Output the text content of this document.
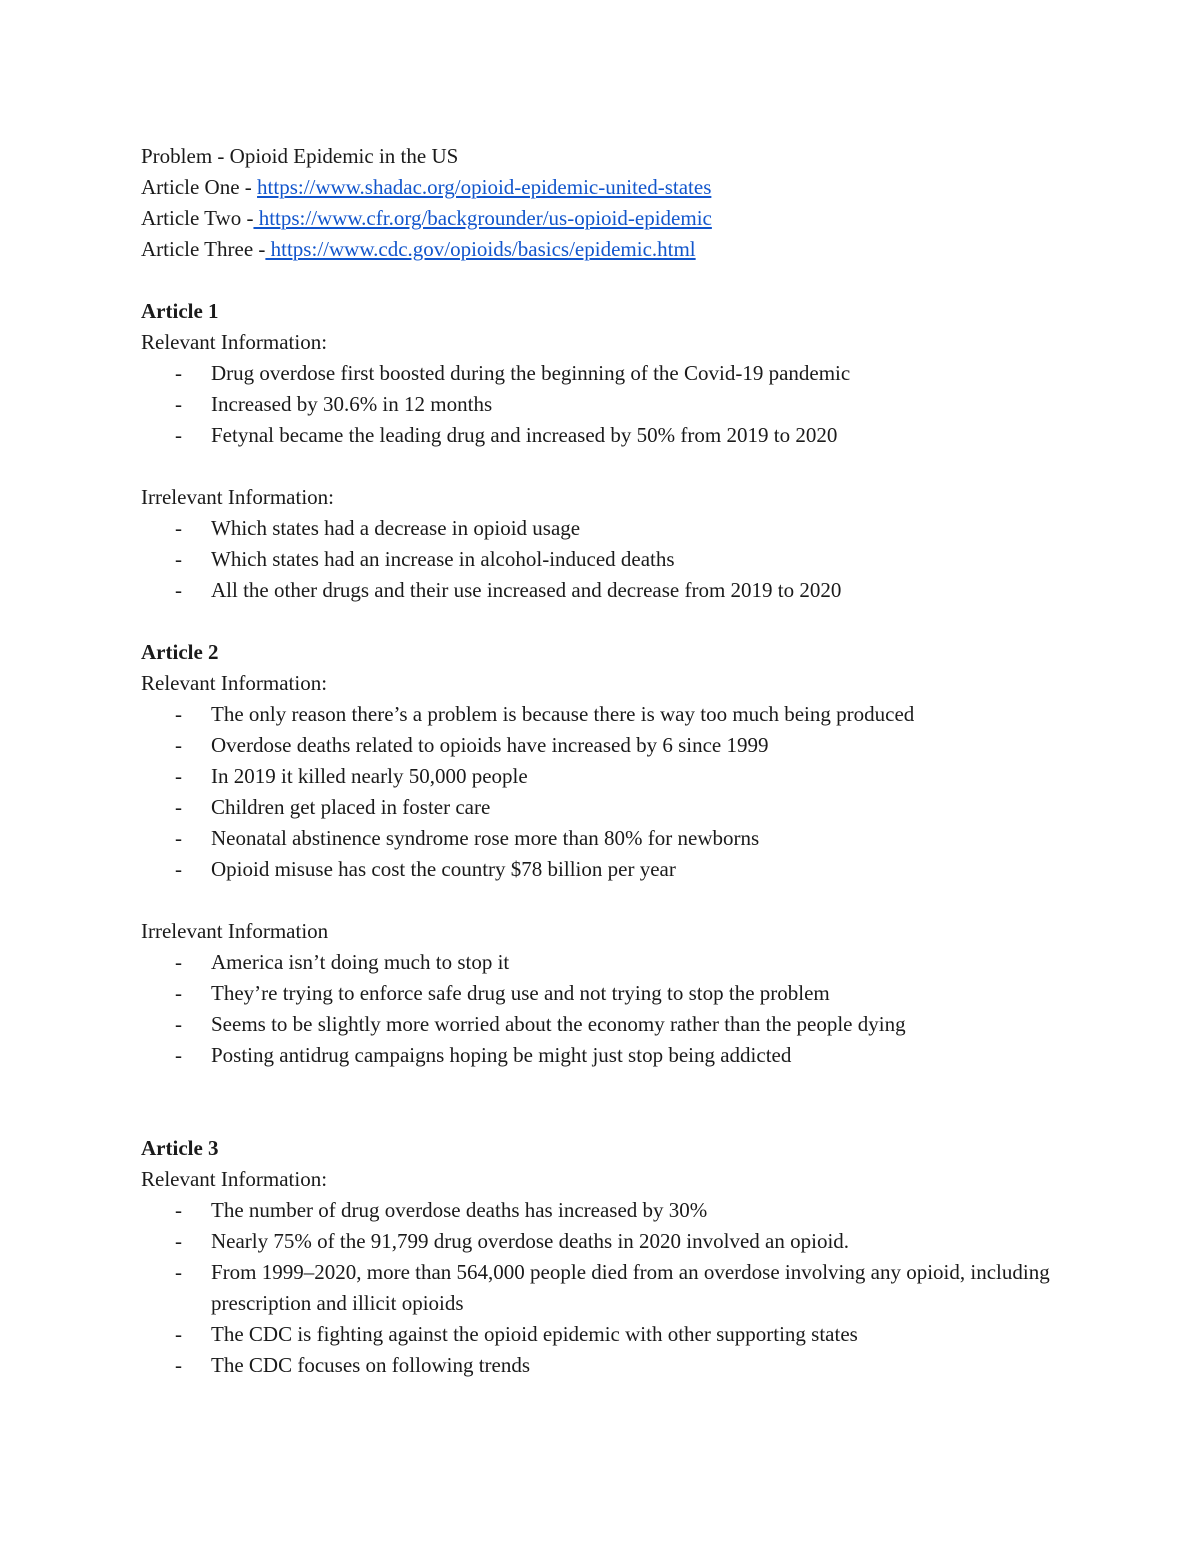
Problem - Opioid Epidemic in the US
Article One - https://www.shadac.org/opioid-epidemic-united-states
Article Two - https://www.cfr.org/backgrounder/us-opioid-epidemic
Article Three - https://www.cdc.gov/opioids/basics/epidemic.html
Article 1
Relevant Information:
- Drug overdose first boosted during the beginning of the Covid-19 pandemic
- Increased by 30.6% in 12 months
- Fetynal became the leading drug and increased by 50% from 2019 to 2020
Irrelevant Information:
- Which states had a decrease in opioid usage
- Which states had an increase in alcohol-induced deaths
- All the other drugs and their use increased and decrease from 2019 to 2020
Article 2
Relevant Information:
- The only reason there’s a problem is because there is way too much being produced
- Overdose deaths related to opioids have increased by 6 since 1999
- In 2019 it killed nearly 50,000 people
- Children get placed in foster care
- Neonatal abstinence syndrome rose more than 80% for newborns
- Opioid misuse has cost the country $78 billion per year
Irrelevant Information
- America isn’t doing much to stop it
- They’re trying to enforce safe drug use and not trying to stop the problem
- Seems to be slightly more worried about the economy rather than the people dying
- Posting antidrug campaigns hoping be might just stop being addicted
Article 3
Relevant Information:
- The number of drug overdose deaths has increased by 30%
- Nearly 75% of the 91,799 drug overdose deaths in 2020 involved an opioid.
- From 1999–2020, more than 564,000 people died from an overdose involving any opioid, including prescription and illicit opioids
- The CDC is fighting against the opioid epidemic with other supporting states
- The CDC focuses on following trends
